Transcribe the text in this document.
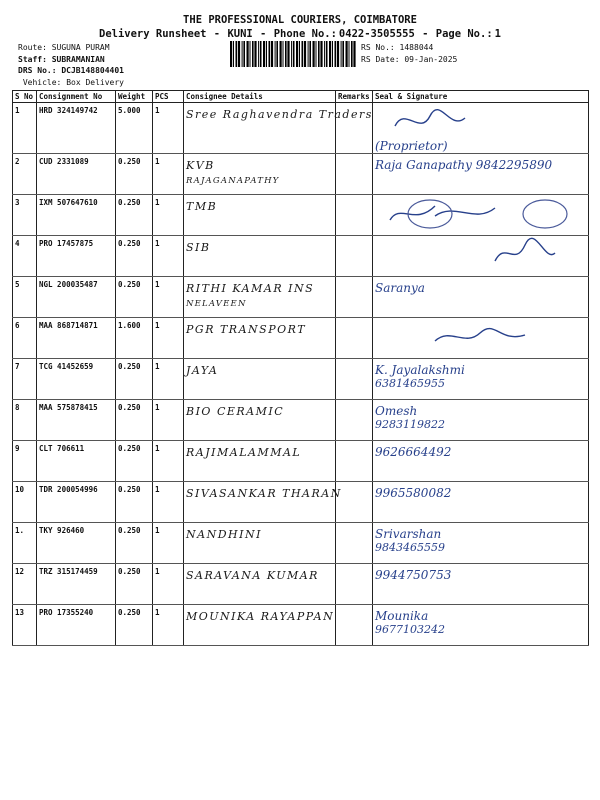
THE PROFESSIONAL COURIERS, COIMBATORE
Delivery Runsheet - KUNI - Phone No.: 0422-3505555 - Page No.: 1
Route: SUGUNA PURAM
Staff: SUBRAMANIAN
DRS No.: DCJB148804401
Vehicle: Box Delivery
RS No.: 1488044
RS Date: 09-Jan-2025
S No	Consignment No	Weight	PCS	Consignee Details	Remarks	Seal & Signature
1	HRD 324149742	5.000	1	Sree Raghavendra Traders		(Proprietor)

2	CUD 2331089	0.250	1	KVB
RAJAGANAPATHY		Raja Ganapathy 9842295890

3	IXM 507647610	0.250	1	TMB

4	PRO 17457875	0.250	1	SIB

5	NGL 200035487	0.250	1	RITHI KAMAR INS
NELAVEEN		Saranya

6	MAA 868714871	1.600	1	PGR TRANSPORT

7	TCG 41452659	0.250	1	JAYA		K. Jayalakshmi
6381465955

8	MAA 575878415	0.250	1	BIO CERAMIC		Omesh
9283119822

9	CLT 706611	0.250	1	RAJIMALAMMAL		9626664492

10	TDR 200054996	0.250	1	SIVASANKAR THARAN		9965580082

1.	TKY 926460	0.250	1	NANDHINI		Srivarshan
9843465559

12	TRZ 315174459	0.250	1	SARAVANA KUMAR		9944750753

13	PRO 17355240	0.250	1	MOUNIKA RAYAPPAN		Mounika
9677103242
